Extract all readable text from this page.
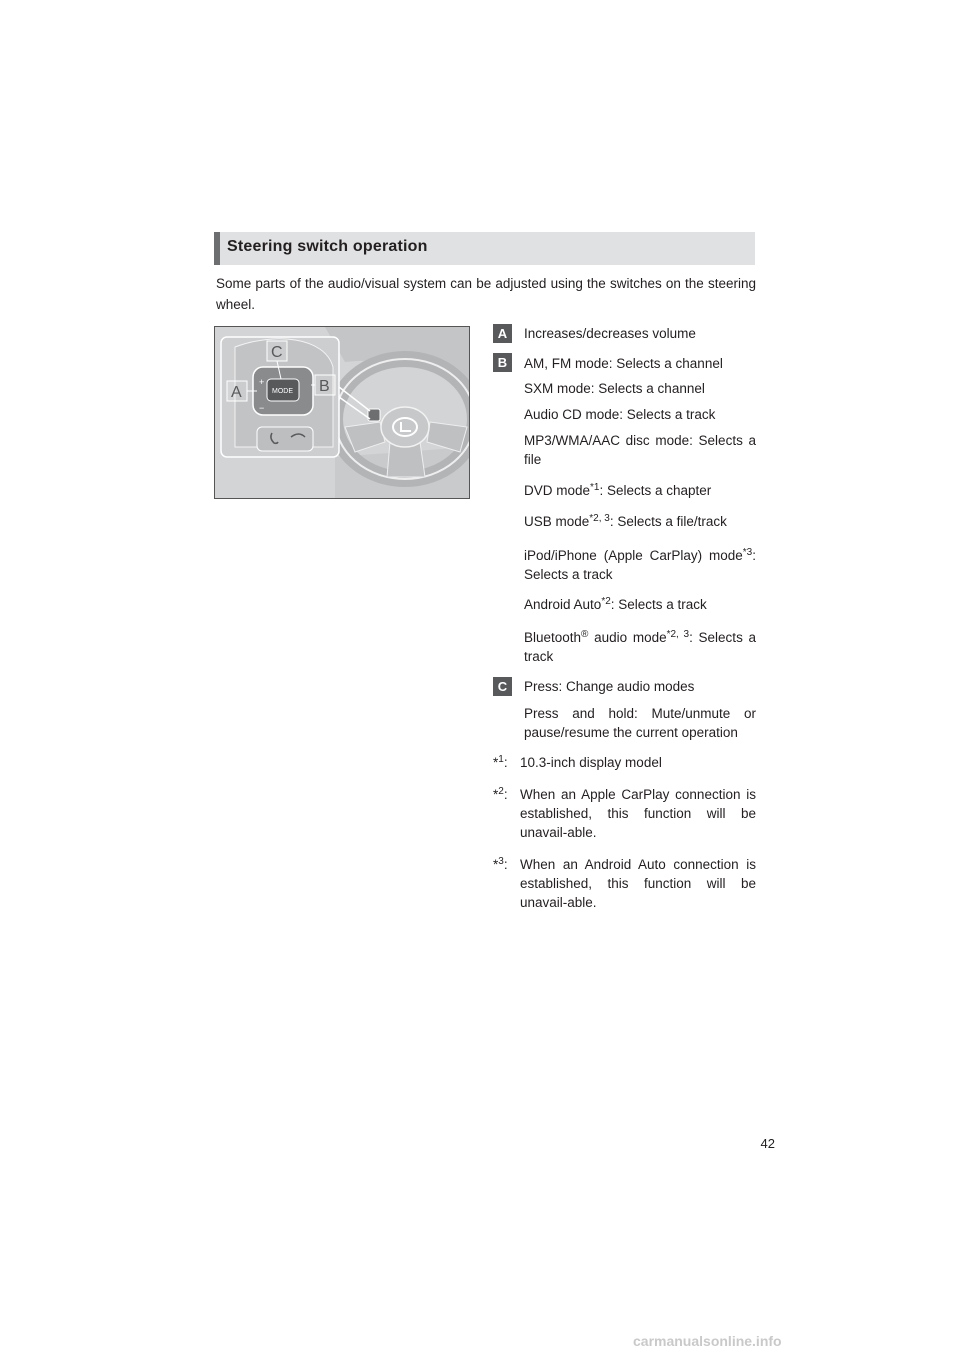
Steering switch operation
Some parts of the audio/visual system can be adjusted using the switches on the steering wheel.
C
A	B
MODE
+
−
A	Increases/decreases volume
B	AM, FM mode: Selects a channel
SXM mode: Selects a channel
Audio CD mode: Selects a track
MP3/WMA/AAC disc mode: Selects a file
DVD mode$^{*1}$: Selects a chapter
USB mode$^{*2, 3}$: Selects a file/track
iPod/iPhone (Apple CarPlay) mode$^{*3}$: Selects a track
Android Auto$^{*2}$: Selects a track
Bluetooth® audio mode$^{*2, 3}$: Selects a track
C	Press: Change audio modes
Press and hold: Mute/unmute or pause/resume the current operation
*$^1$: 10.3-inch display model
*$^2$: When an Apple CarPlay connection is established, this function will be unavail-able.
*$^3$: When an Android Auto connection is established, this function will be unavail-able.
42
carmanualsonline.info
